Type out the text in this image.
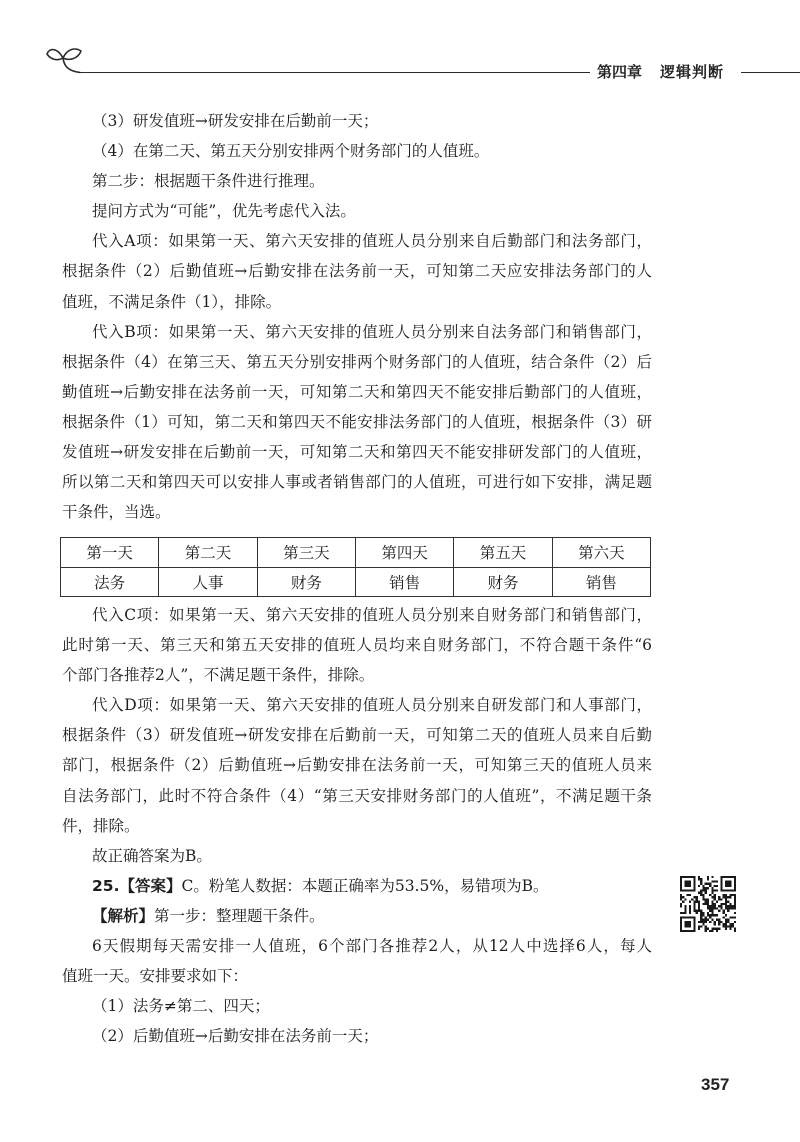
第四章 逻辑判断
（3）研发值班→研发安排在后勤前一天；
（4）在第二天、第五天分别安排两个财务部门的人值班。
第二步：根据题干条件进行推理。
提问方式为“可能”，优先考虑代入法。
代入A项：如果第一天、第六天安排的值班人员分别来自后勤部门和法务部门，
根据条件（2）后勤值班→后勤安排在法务前一天，可知第二天应安排法务部门的人
值班，不满足条件（1），排除。
代入B项：如果第一天、第六天安排的值班人员分别来自法务部门和销售部门，
根据条件（4）在第三天、第五天分别安排两个财务部门的人值班，结合条件（2）后
勤值班→后勤安排在法务前一天，可知第二天和第四天不能安排后勤部门的人值班，
根据条件（1）可知，第二天和第四天不能安排法务部门的人值班，根据条件（3）研
发值班→研发安排在后勤前一天，可知第二天和第四天不能安排研发部门的人值班，
所以第二天和第四天可以安排人事或者销售部门的人值班，可进行如下安排，满足题
干条件，当选。
第一天	第二天	第三天	第四天	第五天	第六天
法务	人事	财务	销售	财务	销售
代入C项：如果第一天、第六天安排的值班人员分别来自财务部门和销售部门，
此时第一天、第三天和第五天安排的值班人员均来自财务部门，不符合题干条件“6
个部门各推荐2人”，不满足题干条件，排除。
代入D项：如果第一天、第六天安排的值班人员分别来自研发部门和人事部门，
根据条件（3）研发值班→研发安排在后勤前一天，可知第二天的值班人员来自后勤
部门，根据条件（2）后勤值班→后勤安排在法务前一天，可知第三天的值班人员来
自法务部门，此时不符合条件（4）“第三天安排财务部门的人值班”，不满足题干条
件，排除。
故正确答案为B。
25.【答案】C。粉笔人数据：本题正确率为53.5%，易错项为B。
【解析】第一步：整理题干条件。
6天假期每天需安排一人值班，6个部门各推荐2人，从12人中选择6人，每人
值班一天。安排要求如下：
（1）法务≠第二、四天；
（2）后勤值班→后勤安排在法务前一天；
357
